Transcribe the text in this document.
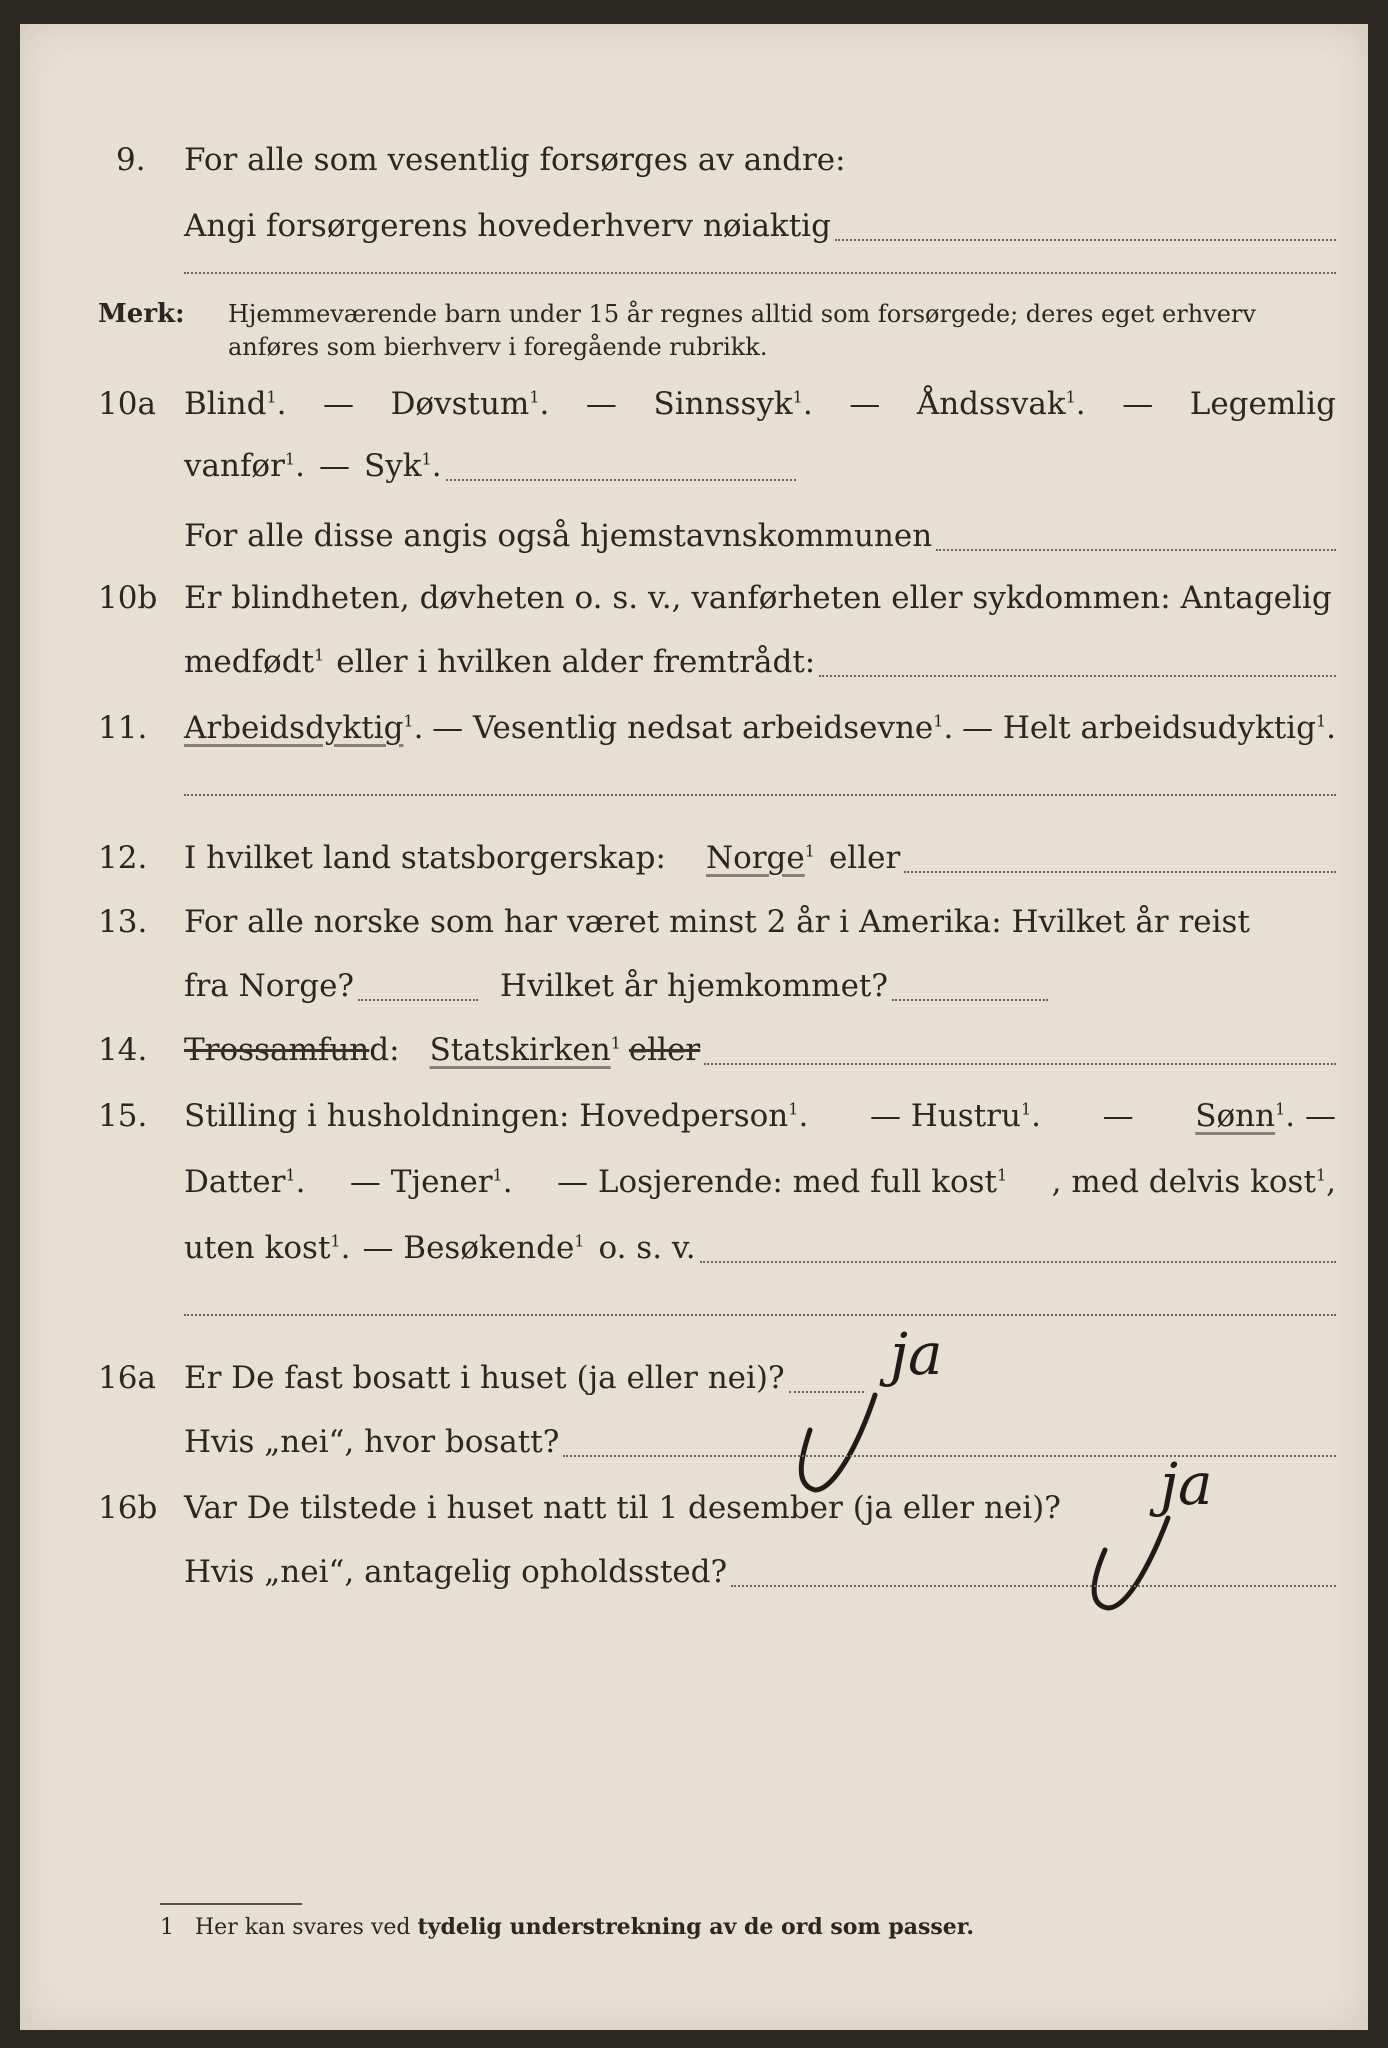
9. For alle som vesentlig forsørges av andre:
Angi forsørgerens hovederhverv nøiaktig
Merk: Hjemmeværende barn under 15 år regnes alltid som forsørgede; deres eget erhverv
anføres som bierhverv i foregående rubrikk.
10a Blind$^1$. — Døvstum$^1$. — Sinnssyk$^1$. — Åndssvak$^1$. — Legemlig
vanfør$^1$. — Syk$^1$.
For alle disse angis også hjemstavnskommunen
10b Er blindheten, døvheten o. s. v., vanførheten eller sykdommen: Antagelig
medfødt$^1$ eller i hvilken alder fremtrådt:
11. Arbeidsdyktig$^1$. — Vesentlig nedsat arbeidsevne$^1$. — Helt arbeidsudyktig$^1$.
12. I hvilket land statsborgerskap: Norge$^1$ eller
13. For alle norske som har været minst 2 år i Amerika: Hvilket år reist
fra Norge?	Hvilket år hjemkommet?
14. Trossamfun d: Statskirken$^1$ eller
15. Stilling i husholdningen: Hovedperson$^1$. — Hustru$^1$. — Sønn$^1$. —
Datter$^1$. — Tjener$^1$. — Losjerende: med full kost$^1$ , med delvis kost$^1$,
uten kost$^1$. — Besøkende$^1$ o. s. v.
16a Er De fast bosatt i huset (ja eller nei)? ja
Hvis „nei“, hvor bosatt?
16b Var De tilstede i huset natt til 1 desember (ja eller nei)? ja
Hvis „nei“, antagelig opholdssted?
1 Her kan svares ved tydelig understrekning av de ord som passer.
